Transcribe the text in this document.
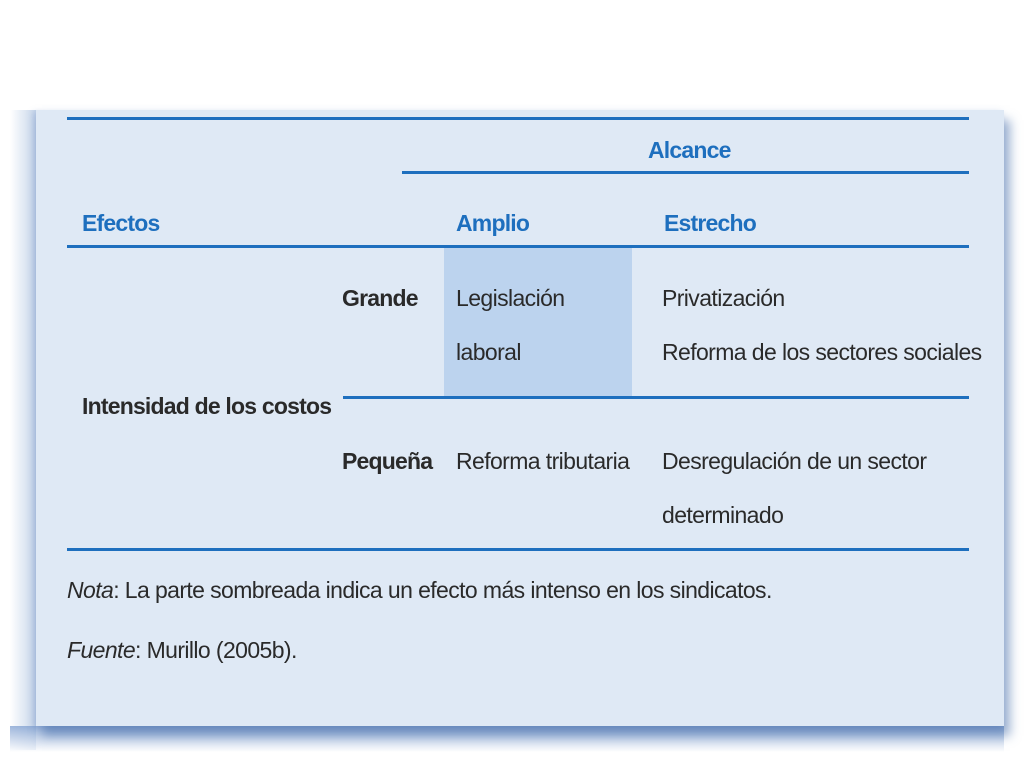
Alcance
Efectos	Amplio	Estrecho
Intensidad de los costos
Grande Legislación
laboral
Privatización
Reforma de los sectores sociales
Pequeña Reforma tributaria Desregulación de un sector
determinado
Nota: La parte sombreada indica un efecto más intenso en los sindicatos.
Fuente: Murillo (2005b).
